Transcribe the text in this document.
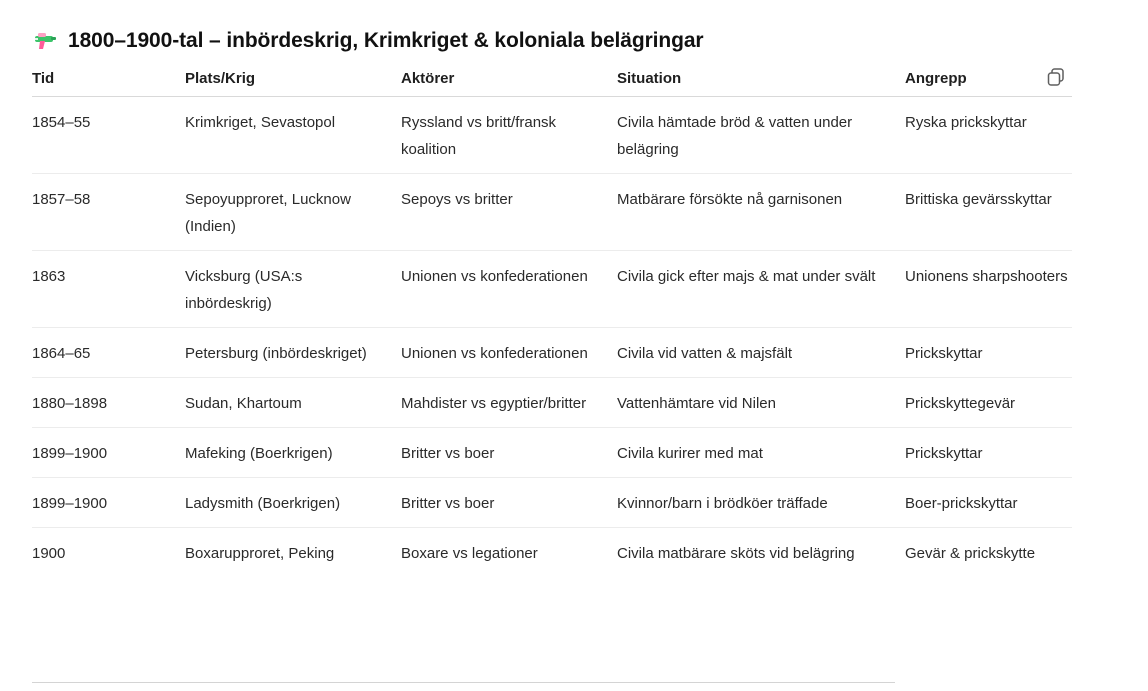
1800–1900-tal – inbördeskrig, Krimkriget & koloniala belägringar
Tid	Plats/Krig	Aktörer	Situation	Angrepp
1854–55	Krimkriget, Sevastopol	Ryssland vs britt/fransk koalition	Civila hämtade bröd & vatten under belägring	Ryska prickskyttar
1857–58	Sepoyupproret, Lucknow (Indien)	Sepoys vs britter	Matbärare försökte nå garnisonen	Brittiska gevärsskyttar
1863	Vicksburg (USA:s inbördeskrig)	Unionen vs konfederationen	Civila gick efter majs & mat under svält	Unionens sharpshooters
1864–65	Petersburg (inbördeskriget)	Unionen vs konfederationen	Civila vid vatten & majsfält	Prickskyttar
1880–1898	Sudan, Khartoum	Mahdister vs egyptier/britter	Vattenhämtare vid Nilen	Prickskyttegevär
1899–1900	Mafeking (Boerkrigen)	Britter vs boer	Civila kurirer med mat	Prickskyttar
1899–1900	Ladysmith (Boerkrigen)	Britter vs boer	Kvinnor/barn i brödköer träffade	Boer-prickskyttar
1900	Boxarupproret, Peking	Boxare vs legationer	Civila matbärare sköts vid belägring	Gevär & prickskytte
